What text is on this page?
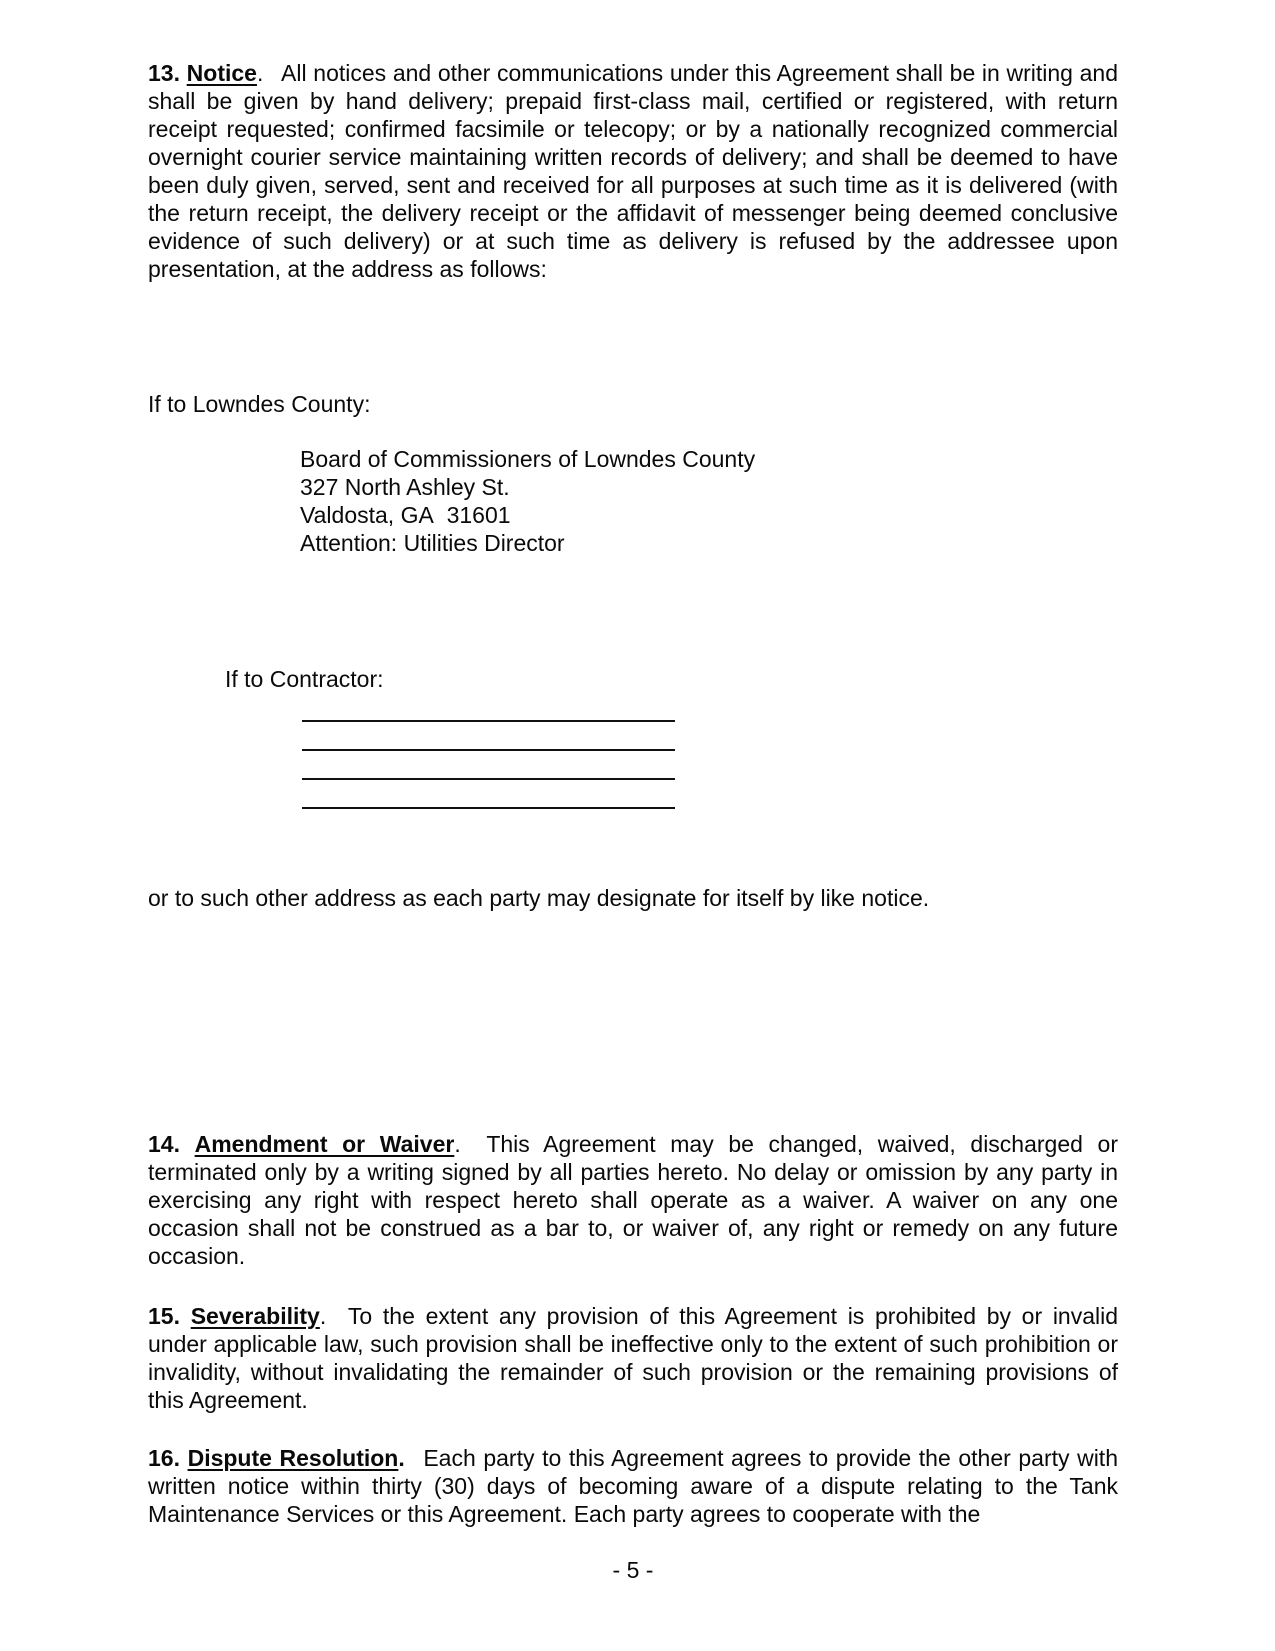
13. Notice. All notices and other communications under this Agreement shall be in writing and shall be given by hand delivery; prepaid first-class mail, certified or registered, with return receipt requested; confirmed facsimile or telecopy; or by a nationally recognized commercial overnight courier service maintaining written records of delivery; and shall be deemed to have been duly given, served, sent and received for all purposes at such time as it is delivered (with the return receipt, the delivery receipt or the affidavit of messenger being deemed conclusive evidence of such delivery) or at such time as delivery is refused by the addressee upon presentation, at the address as follows:

If to Lowndes County:

Board of Commissioners of Lowndes County
327 North Ashley St.
Valdosta, GA  31601
Attention: Utilities Director

If to Contractor:

or to such other address as each party may designate for itself by like notice.

14. Amendment or Waiver. This Agreement may be changed, waived, discharged or terminated only by a writing signed by all parties hereto. No delay or omission by any party in exercising any right with respect hereto shall operate as a waiver. A waiver on any one occasion shall not be construed as a bar to, or waiver of, any right or remedy on any future occasion.

15. Severability. To the extent any provision of this Agreement is prohibited by or invalid under applicable law, such provision shall be ineffective only to the extent of such prohibition or invalidity, without invalidating the remainder of such provision or the remaining provisions of this Agreement.

16. Dispute Resolution. Each party to this Agreement agrees to provide the other party with written notice within thirty (30) days of becoming aware of a dispute relating to the Tank Maintenance Services or this Agreement. Each party agrees to cooperate with the

- 5 -
